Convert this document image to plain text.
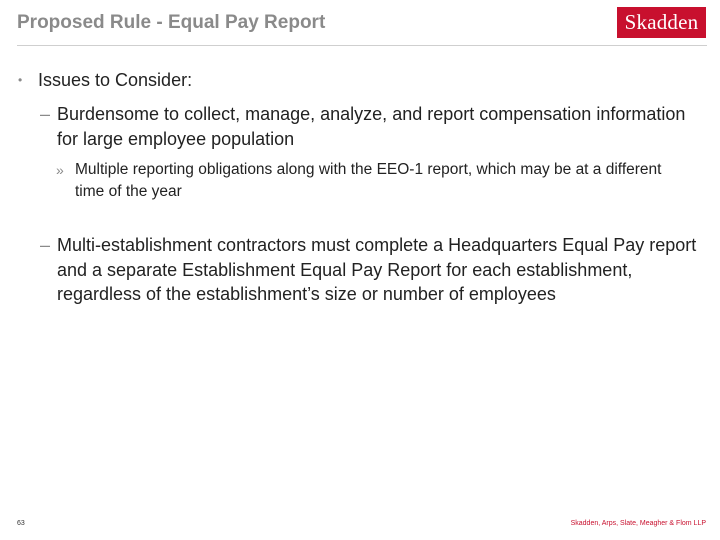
Proposed Rule - Equal Pay Report	Skadden
• Issues to Consider:
– Burdensome to collect, manage, analyze, and report compensation information for large employee population
» Multiple reporting obligations along with the EEO-1 report, which may be at a different time of the year
– Multi-establishment contractors must complete a Headquarters Equal Pay report and a separate Establishment Equal Pay Report for each establishment, regardless of the establishment’s size or number of employees
63	Skadden, Arps, Slate, Meagher & Flom LLP
